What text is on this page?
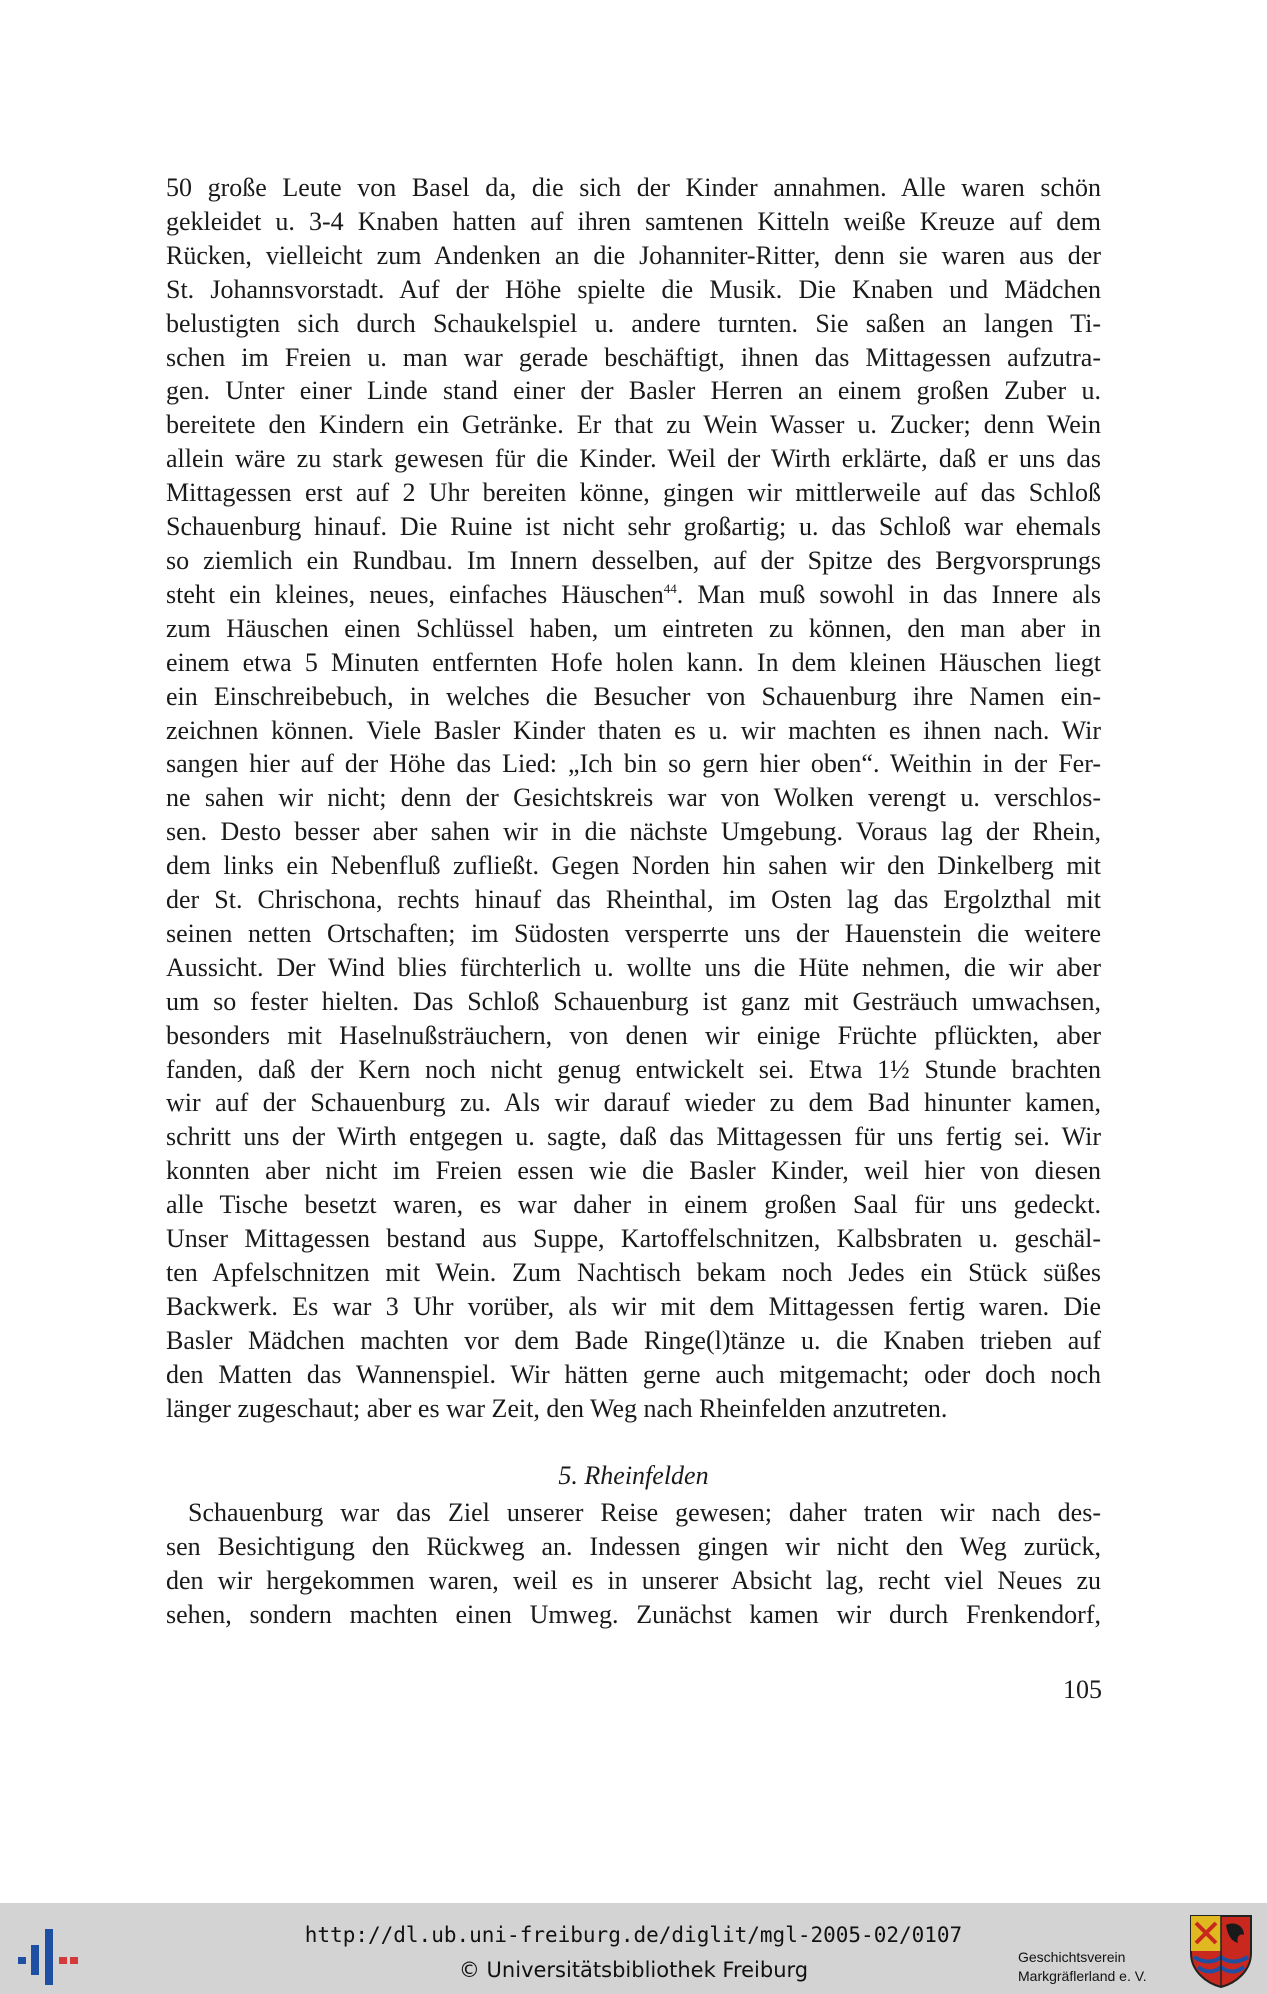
50 große Leute von Basel da, die sich der Kinder annahmen. Alle waren schön
gekleidet u. 3-4 Knaben hatten auf ihren samtenen Kitteln weiße Kreuze auf dem
Rücken, vielleicht zum Andenken an die Johanniter-Ritter, denn sie waren aus der
St. Johannsvorstadt. Auf der Höhe spielte die Musik. Die Knaben und Mädchen
belustigten sich durch Schaukelspiel u. andere turnten. Sie saßen an langen Ti-
schen im Freien u. man war gerade beschäftigt, ihnen das Mittagessen aufzutra-
gen. Unter einer Linde stand einer der Basler Herren an einem großen Zuber u.
bereitete den Kindern ein Getränke. Er that zu Wein Wasser u. Zucker; denn Wein
allein wäre zu stark gewesen für die Kinder. Weil der Wirth erklärte, daß er uns das
Mittagessen erst auf 2 Uhr bereiten könne, gingen wir mittlerweile auf das Schloß
Schauenburg hinauf. Die Ruine ist nicht sehr großartig; u. das Schloß war ehemals
so ziemlich ein Rundbau. Im Innern desselben, auf der Spitze des Bergvorsprungs
steht ein kleines, neues, einfaches Häuschen$^{44}$. Man muß sowohl in das Innere als
zum Häuschen einen Schlüssel haben, um eintreten zu können, den man aber in
einem etwa 5 Minuten entfernten Hofe holen kann. In dem kleinen Häuschen liegt
ein Einschreibebuch, in welches die Besucher von Schauenburg ihre Namen ein-
zeichnen können. Viele Basler Kinder thaten es u. wir machten es ihnen nach. Wir
sangen hier auf der Höhe das Lied: „Ich bin so gern hier oben“. Weithin in der Fer-
ne sahen wir nicht; denn der Gesichtskreis war von Wolken verengt u. verschlos-
sen. Desto besser aber sahen wir in die nächste Umgebung. Voraus lag der Rhein,
dem links ein Nebenfluß zufließt. Gegen Norden hin sahen wir den Dinkelberg mit
der St. Chrischona, rechts hinauf das Rheinthal, im Osten lag das Ergolzthal mit
seinen netten Ortschaften; im Südosten versperrte uns der Hauenstein die weitere
Aussicht. Der Wind blies fürchterlich u. wollte uns die Hüte nehmen, die wir aber
um so fester hielten. Das Schloß Schauenburg ist ganz mit Gesträuch umwachsen,
besonders mit Haselnußsträuchern, von denen wir einige Früchte pflückten, aber
fanden, daß der Kern noch nicht genug entwickelt sei. Etwa 1½ Stunde brachten
wir auf der Schauenburg zu. Als wir darauf wieder zu dem Bad hinunter kamen,
schritt uns der Wirth entgegen u. sagte, daß das Mittagessen für uns fertig sei. Wir
konnten aber nicht im Freien essen wie die Basler Kinder, weil hier von diesen
alle Tische besetzt waren, es war daher in einem großen Saal für uns gedeckt.
Unser Mittagessen bestand aus Suppe, Kartoffelschnitzen, Kalbsbraten u. geschäl-
ten Apfelschnitzen mit Wein. Zum Nachtisch bekam noch Jedes ein Stück süßes
Backwerk. Es war 3 Uhr vorüber, als wir mit dem Mittagessen fertig waren. Die
Basler Mädchen machten vor dem Bade Ringe(l)tänze u. die Knaben trieben auf
den Matten das Wannenspiel. Wir hätten gerne auch mitgemacht; oder doch noch
länger zugeschaut; aber es war Zeit, den Weg nach Rheinfelden anzutreten.
5. Rheinfelden
Schauenburg war das Ziel unserer Reise gewesen; daher traten wir nach des-
sen Besichtigung den Rückweg an. Indessen gingen wir nicht den Weg zurück,
den wir hergekommen waren, weil es in unserer Absicht lag, recht viel Neues zu
sehen, sondern machten einen Umweg. Zunächst kamen wir durch Frenkendorf,
105
http://dl.ub.uni-freiburg.de/diglit/mgl-2005-02/0107
© Universitätsbibliothek Freiburg
Geschichtsverein
Markgräflerland e. V.
